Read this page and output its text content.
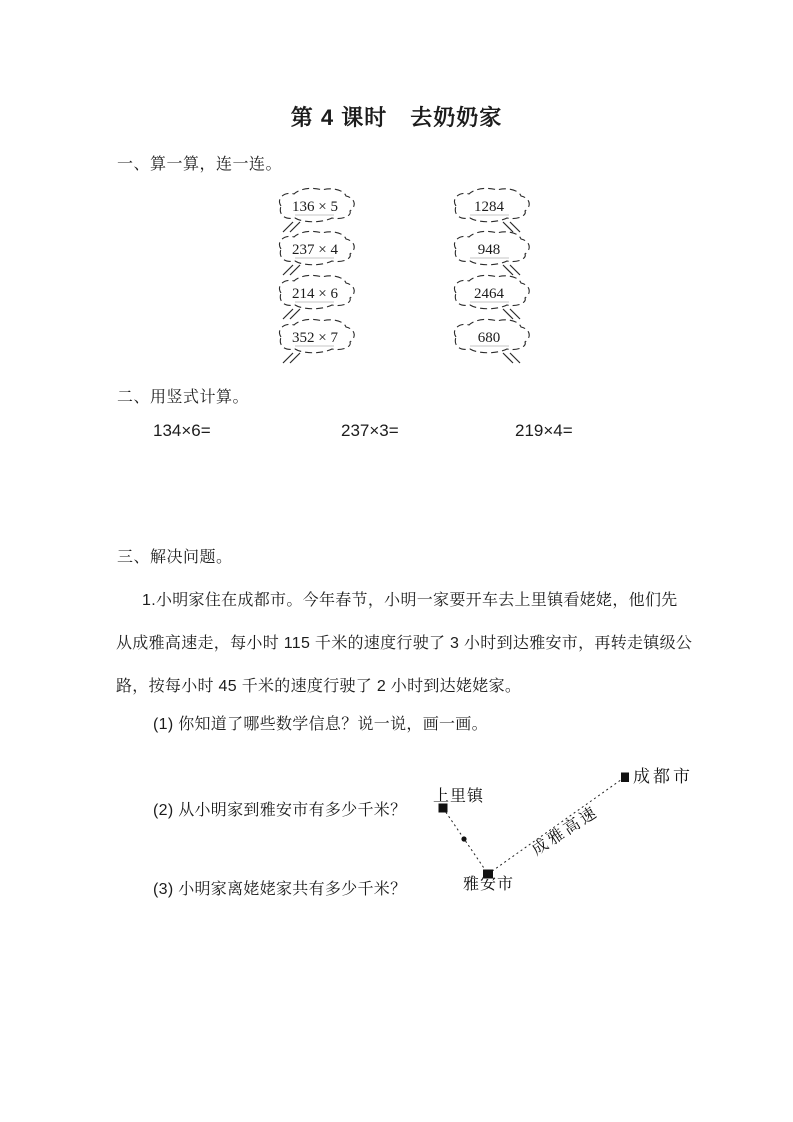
第 4 课时　去奶奶家
一、算一算，连一连。
136 × 5
237 × 4
214 × 6
352 × 7
1284
948
2464
680
二、用竖式计算。
134×6=	237×3=	219×4=
三、解决问题。
1.小明家住在成都市。今年春节，小明一家要开车去上里镇看姥姥，他们先
从成雅高速走，每小时 115 千米的速度行驶了 3 小时到达雅安市，再转走镇级公
路，按每小时 45 千米的速度行驶了 2 小时到达姥姥家。
(1) 你知道了哪些数学信息？说一说，画一画。
(2) 从小明家到雅安市有多少千米？
(3) 小明家离姥姥家共有多少千米？
上里镇
成都市
雅安市
成雅高速
